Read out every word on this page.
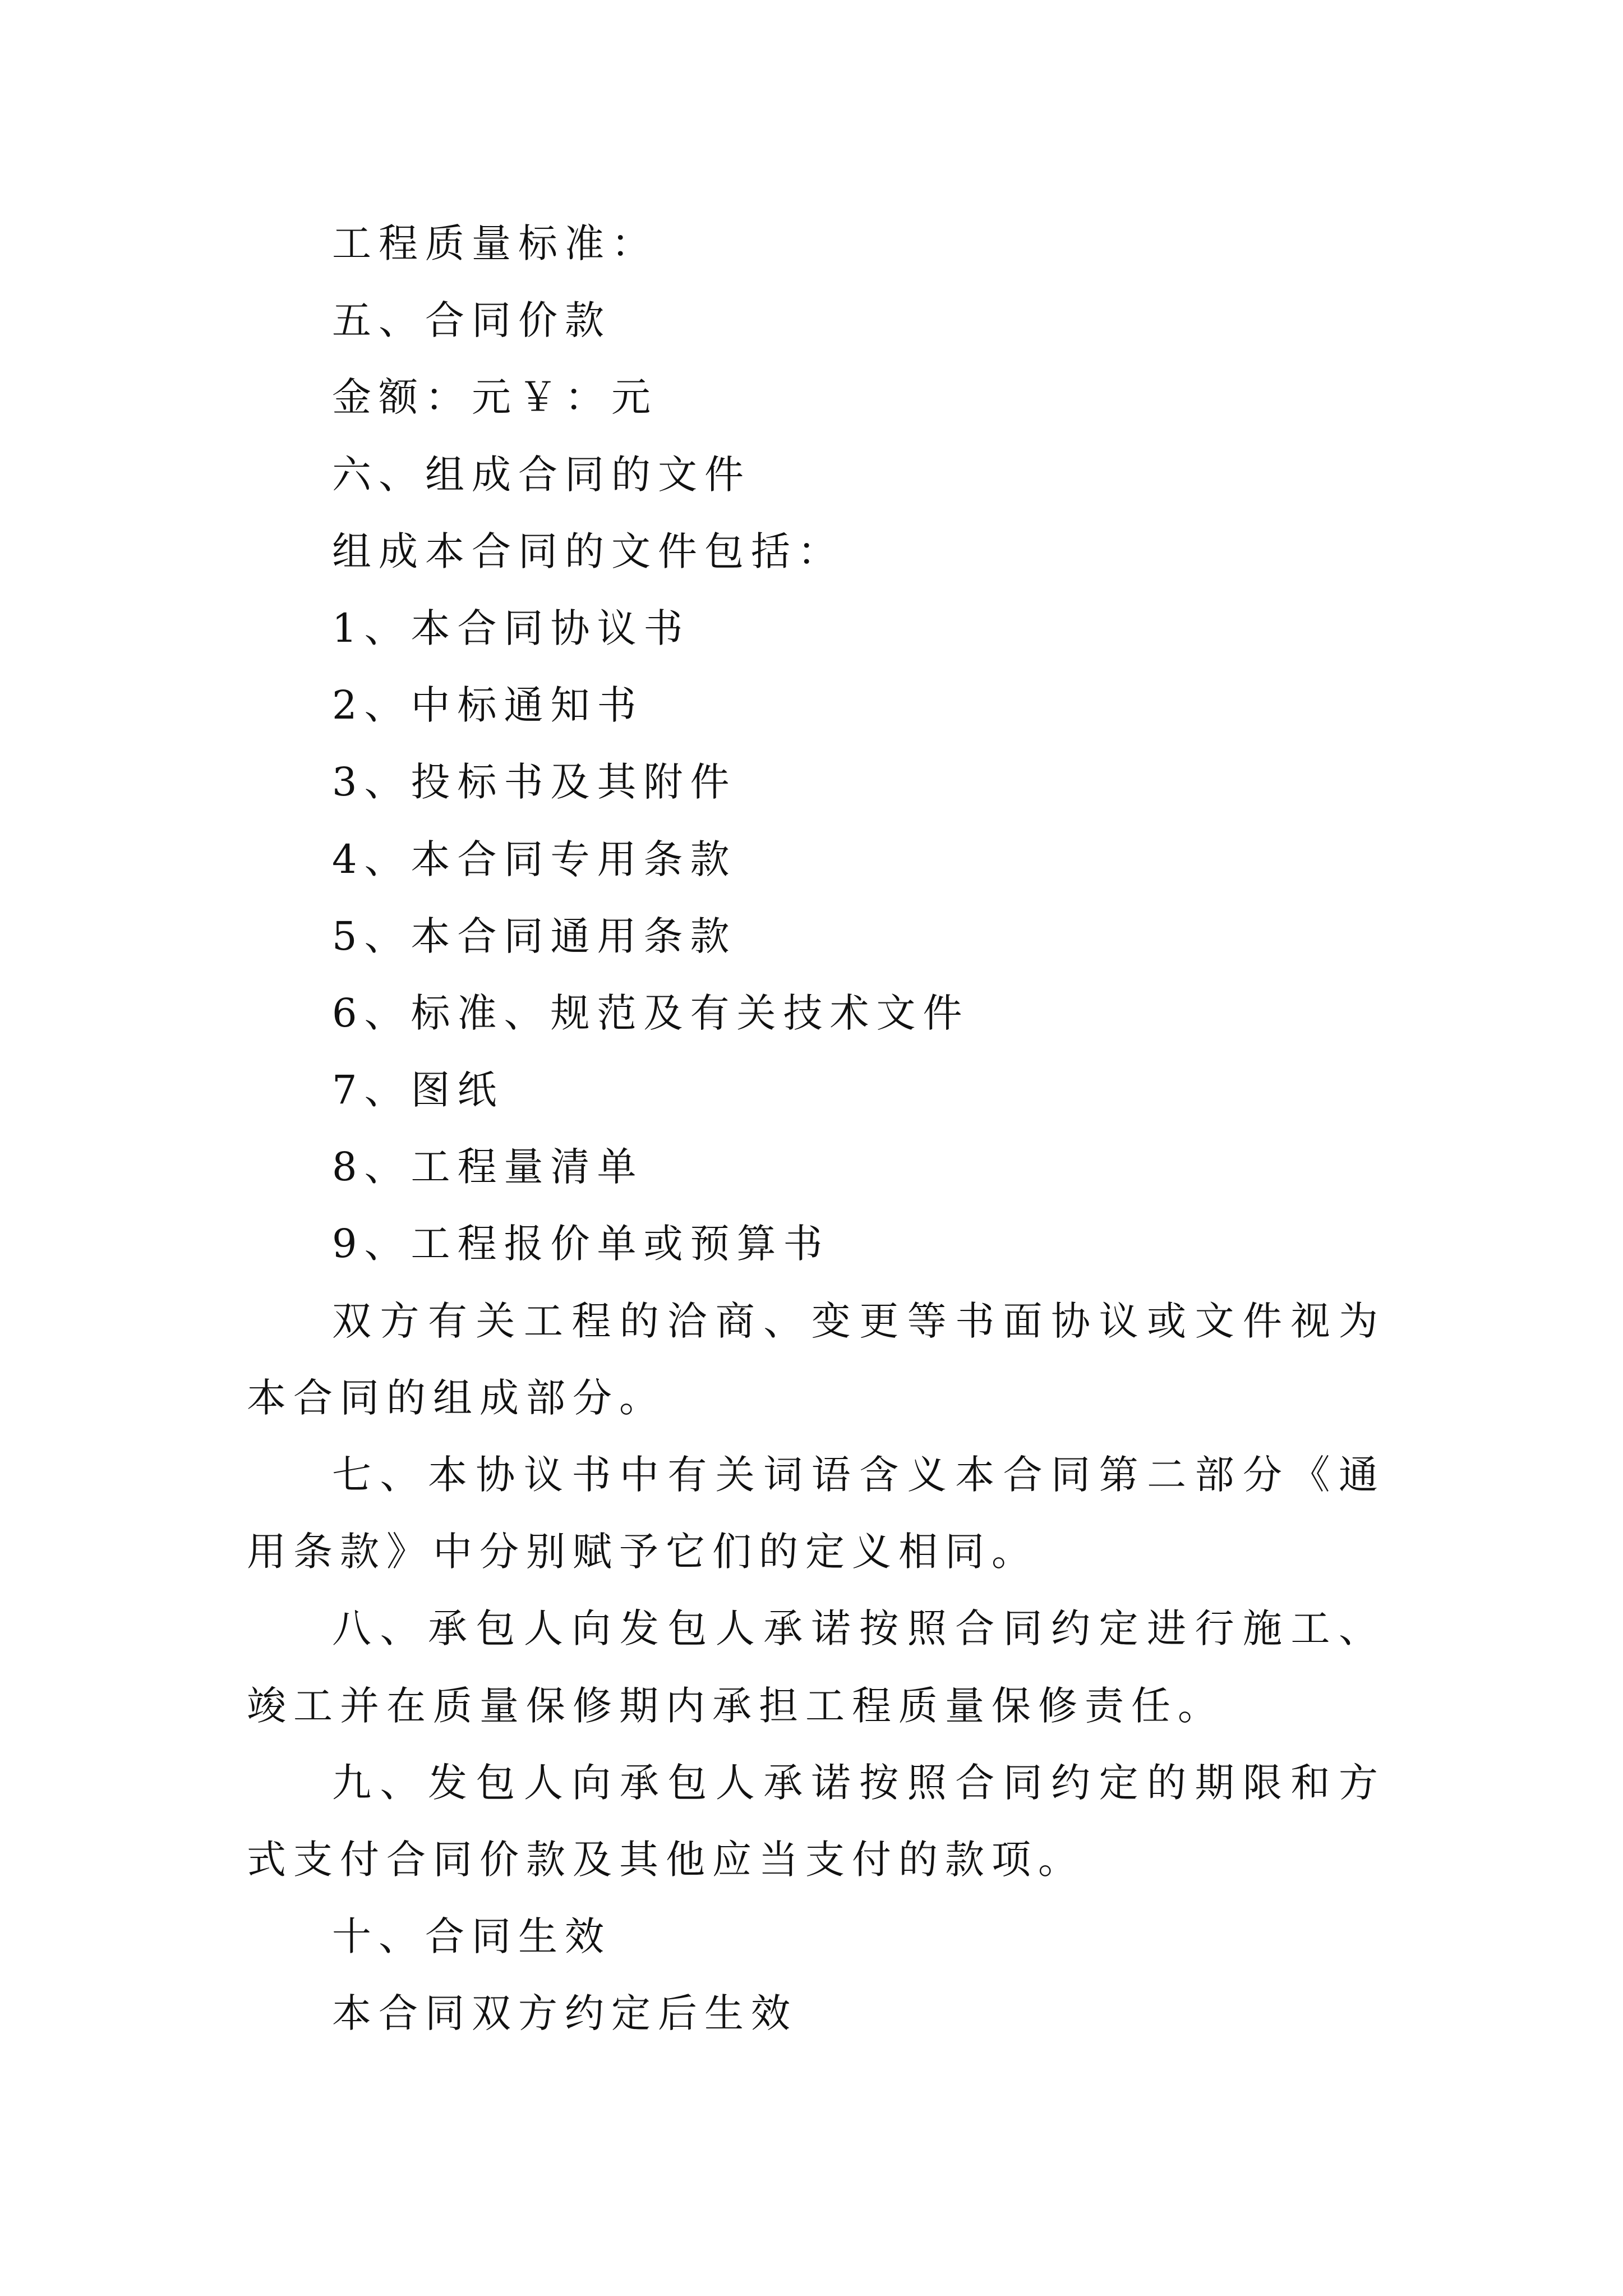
工程质量标准：
五、合同价款
金额：元￥：元
六、组成合同的文件
组成本合同的文件包括：
1、本合同协议书
2、中标通知书
3、投标书及其附件
4、本合同专用条款
5、本合同通用条款
6、标准、规范及有关技术文件
7、图纸
8、工程量清单
9、工程报价单或预算书
双方有关工程的洽商、变更等书面协议或文件视为本合同的组成部分。
七、本协议书中有关词语含义本合同第二部分《通用条款》中分别赋予它们的定义相同。
八、承包人向发包人承诺按照合同约定进行施工、竣工并在质量保修期内承担工程质量保修责任。
九、发包人向承包人承诺按照合同约定的期限和方式支付合同价款及其他应当支付的款项。
十、合同生效
本合同双方约定后生效
